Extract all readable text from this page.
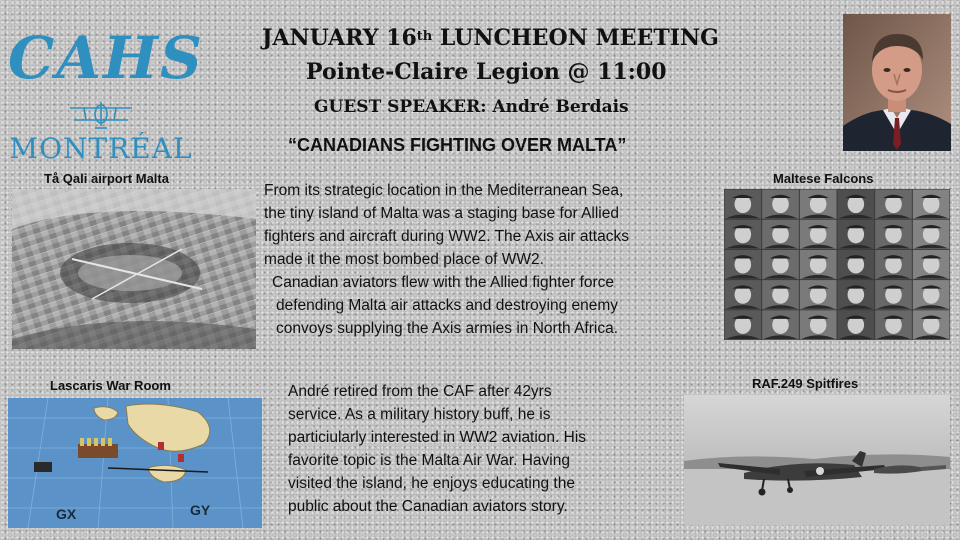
CAHS
MONTRÉAL
JANUARY 16th LUNCHEON MEETING
Pointe-Claire Legion @ 11:00
GUEST SPEAKER: André Berdais
“CANADIANS FIGHTING OVER MALTA”
Tå Qali airport Malta	Maltese Falcons
Lascaris War Room	RAF.249 Spitfires
From its strategic location in the Mediterranean Sea,
the tiny island of Malta was a staging base for Allied
fighters and aircraft during WW2. The Axis air attacks
made it the most bombed place of WW2.
Canadian aviators flew with the Allied fighter force
defending Malta air attacks and destroying enemy
convoys supplying the Axis armies in North Africa.
André retired from the CAF after 42yrs
service. As a military history buff, he is
particiularly interested in WW2 aviation. His
favorite topic is the Malta Air War. Having
visited the island, he enjoys educating the
public about the Canadian aviators story.
GX	GY
